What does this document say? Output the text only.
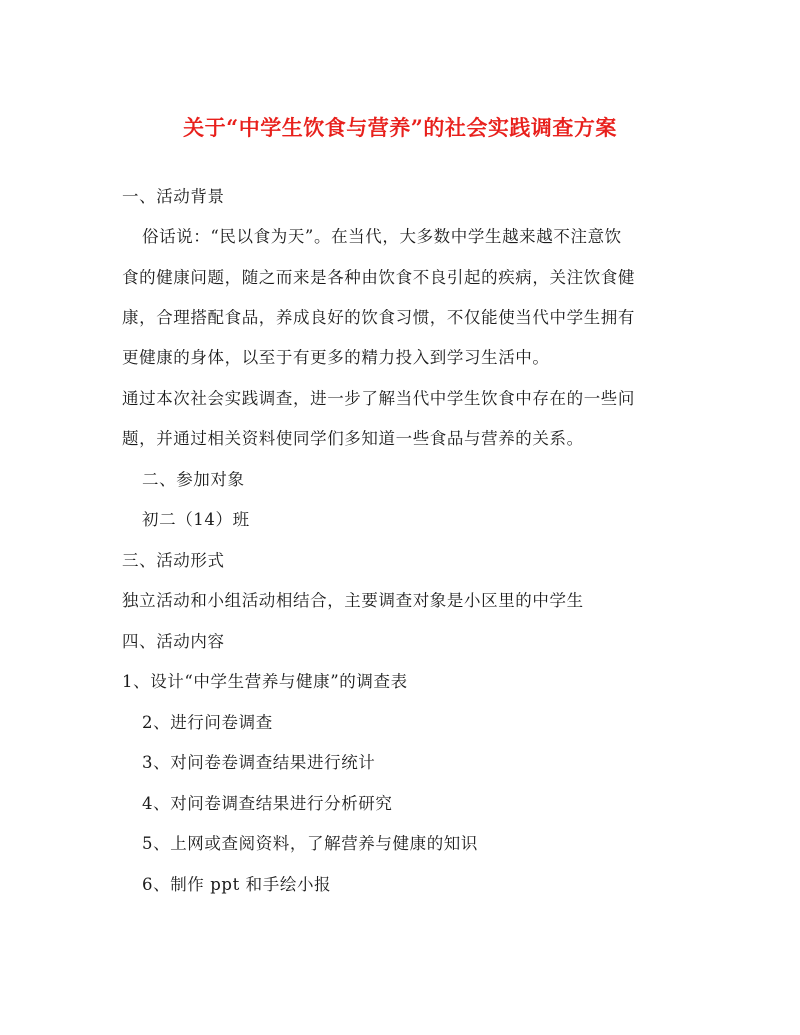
关于“中学生饮食与营养”的社会实践调查方案
一、活动背景
俗话说：“民以食为天”。在当代，大多数中学生越来越不注意饮
食的健康问题，随之而来是各种由饮食不良引起的疾病，关注饮食健
康，合理搭配食品，养成良好的饮食习惯，不仅能使当代中学生拥有
更健康的身体，以至于有更多的精力投入到学习生活中。
通过本次社会实践调查，进一步了解当代中学生饮食中存在的一些问
题，并通过相关资料使同学们多知道一些食品与营养的关系。
二、参加对象
初二（14）班
三、活动形式
独立活动和小组活动相结合，主要调查对象是小区里的中学生
四、活动内容
1、设计“中学生营养与健康”的调查表
2、进行问卷调查
3、对问卷卷调查结果进行统计
4、对问卷调查结果进行分析研究
5、上网或查阅资料，了解营养与健康的知识
6、制作 ppt 和手绘小报
